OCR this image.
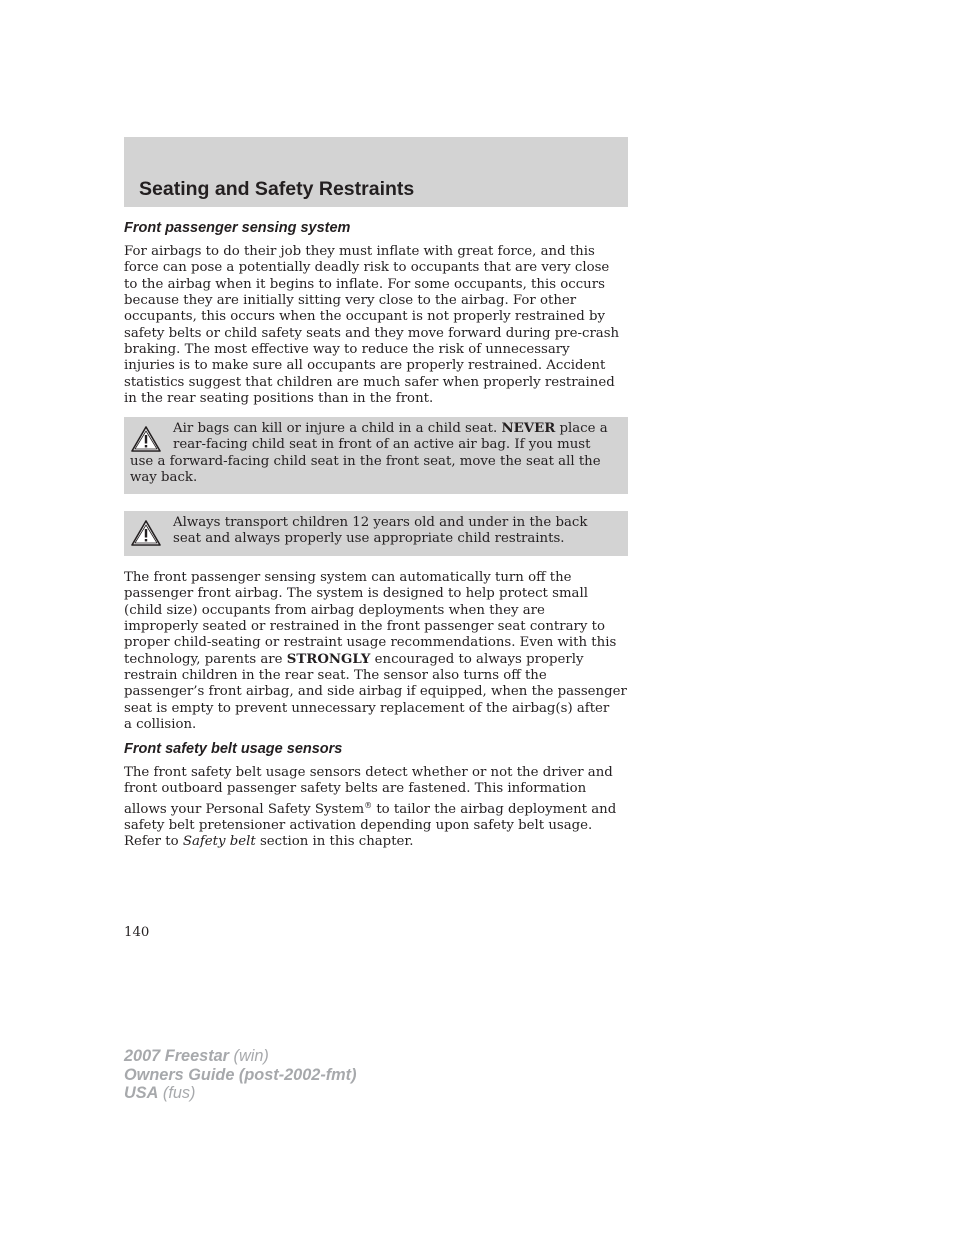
Seating and Safety Restraints
Front passenger sensing system

For airbags to do their job they must inflate with great force, and this
force can pose a potentially deadly risk to occupants that are very close
to the airbag when it begins to inflate. For some occupants, this occurs
because they are initially sitting very close to the airbag. For other
occupants, this occurs when the occupant is not properly restrained by
safety belts or child safety seats and they move forward during pre-crash
braking. The most effective way to reduce the risk of unnecessary
injuries is to make sure all occupants are properly restrained. Accident
statistics suggest that children are much safer when properly restrained
in the rear seating positions than in the front.

Air bags can kill or injure a child in a child seat. NEVER place a
rear-facing child seat in front of an active air bag. If you must
use a forward-facing child seat in the front seat, move the seat all the
way back.
Always transport children 12 years old and under in the back
seat and always properly use appropriate child restraints.

The front passenger sensing system can automatically turn off the
passenger front airbag. The system is designed to help protect small
(child size) occupants from airbag deployments when they are
improperly seated or restrained in the front passenger seat contrary to
proper child-seating or restraint usage recommendations. Even with this
technology, parents are STRONGLY encouraged to always properly
restrain children in the rear seat. The sensor also turns off the
passenger’s front airbag, and side airbag if equipped, when the passenger
seat is empty to prevent unnecessary replacement of the airbag(s) after
a collision.

Front safety belt usage sensors

The front safety belt usage sensors detect whether or not the driver and
front outboard passenger safety belts are fastened. This information
allows your Personal Safety System® to tailor the airbag deployment and
safety belt pretensioner activation depending upon safety belt usage.
Refer to Safety belt section in this chapter.

140

2007 Freestar (win)
Owners Guide (post-2002-fmt)
USA (fus)
